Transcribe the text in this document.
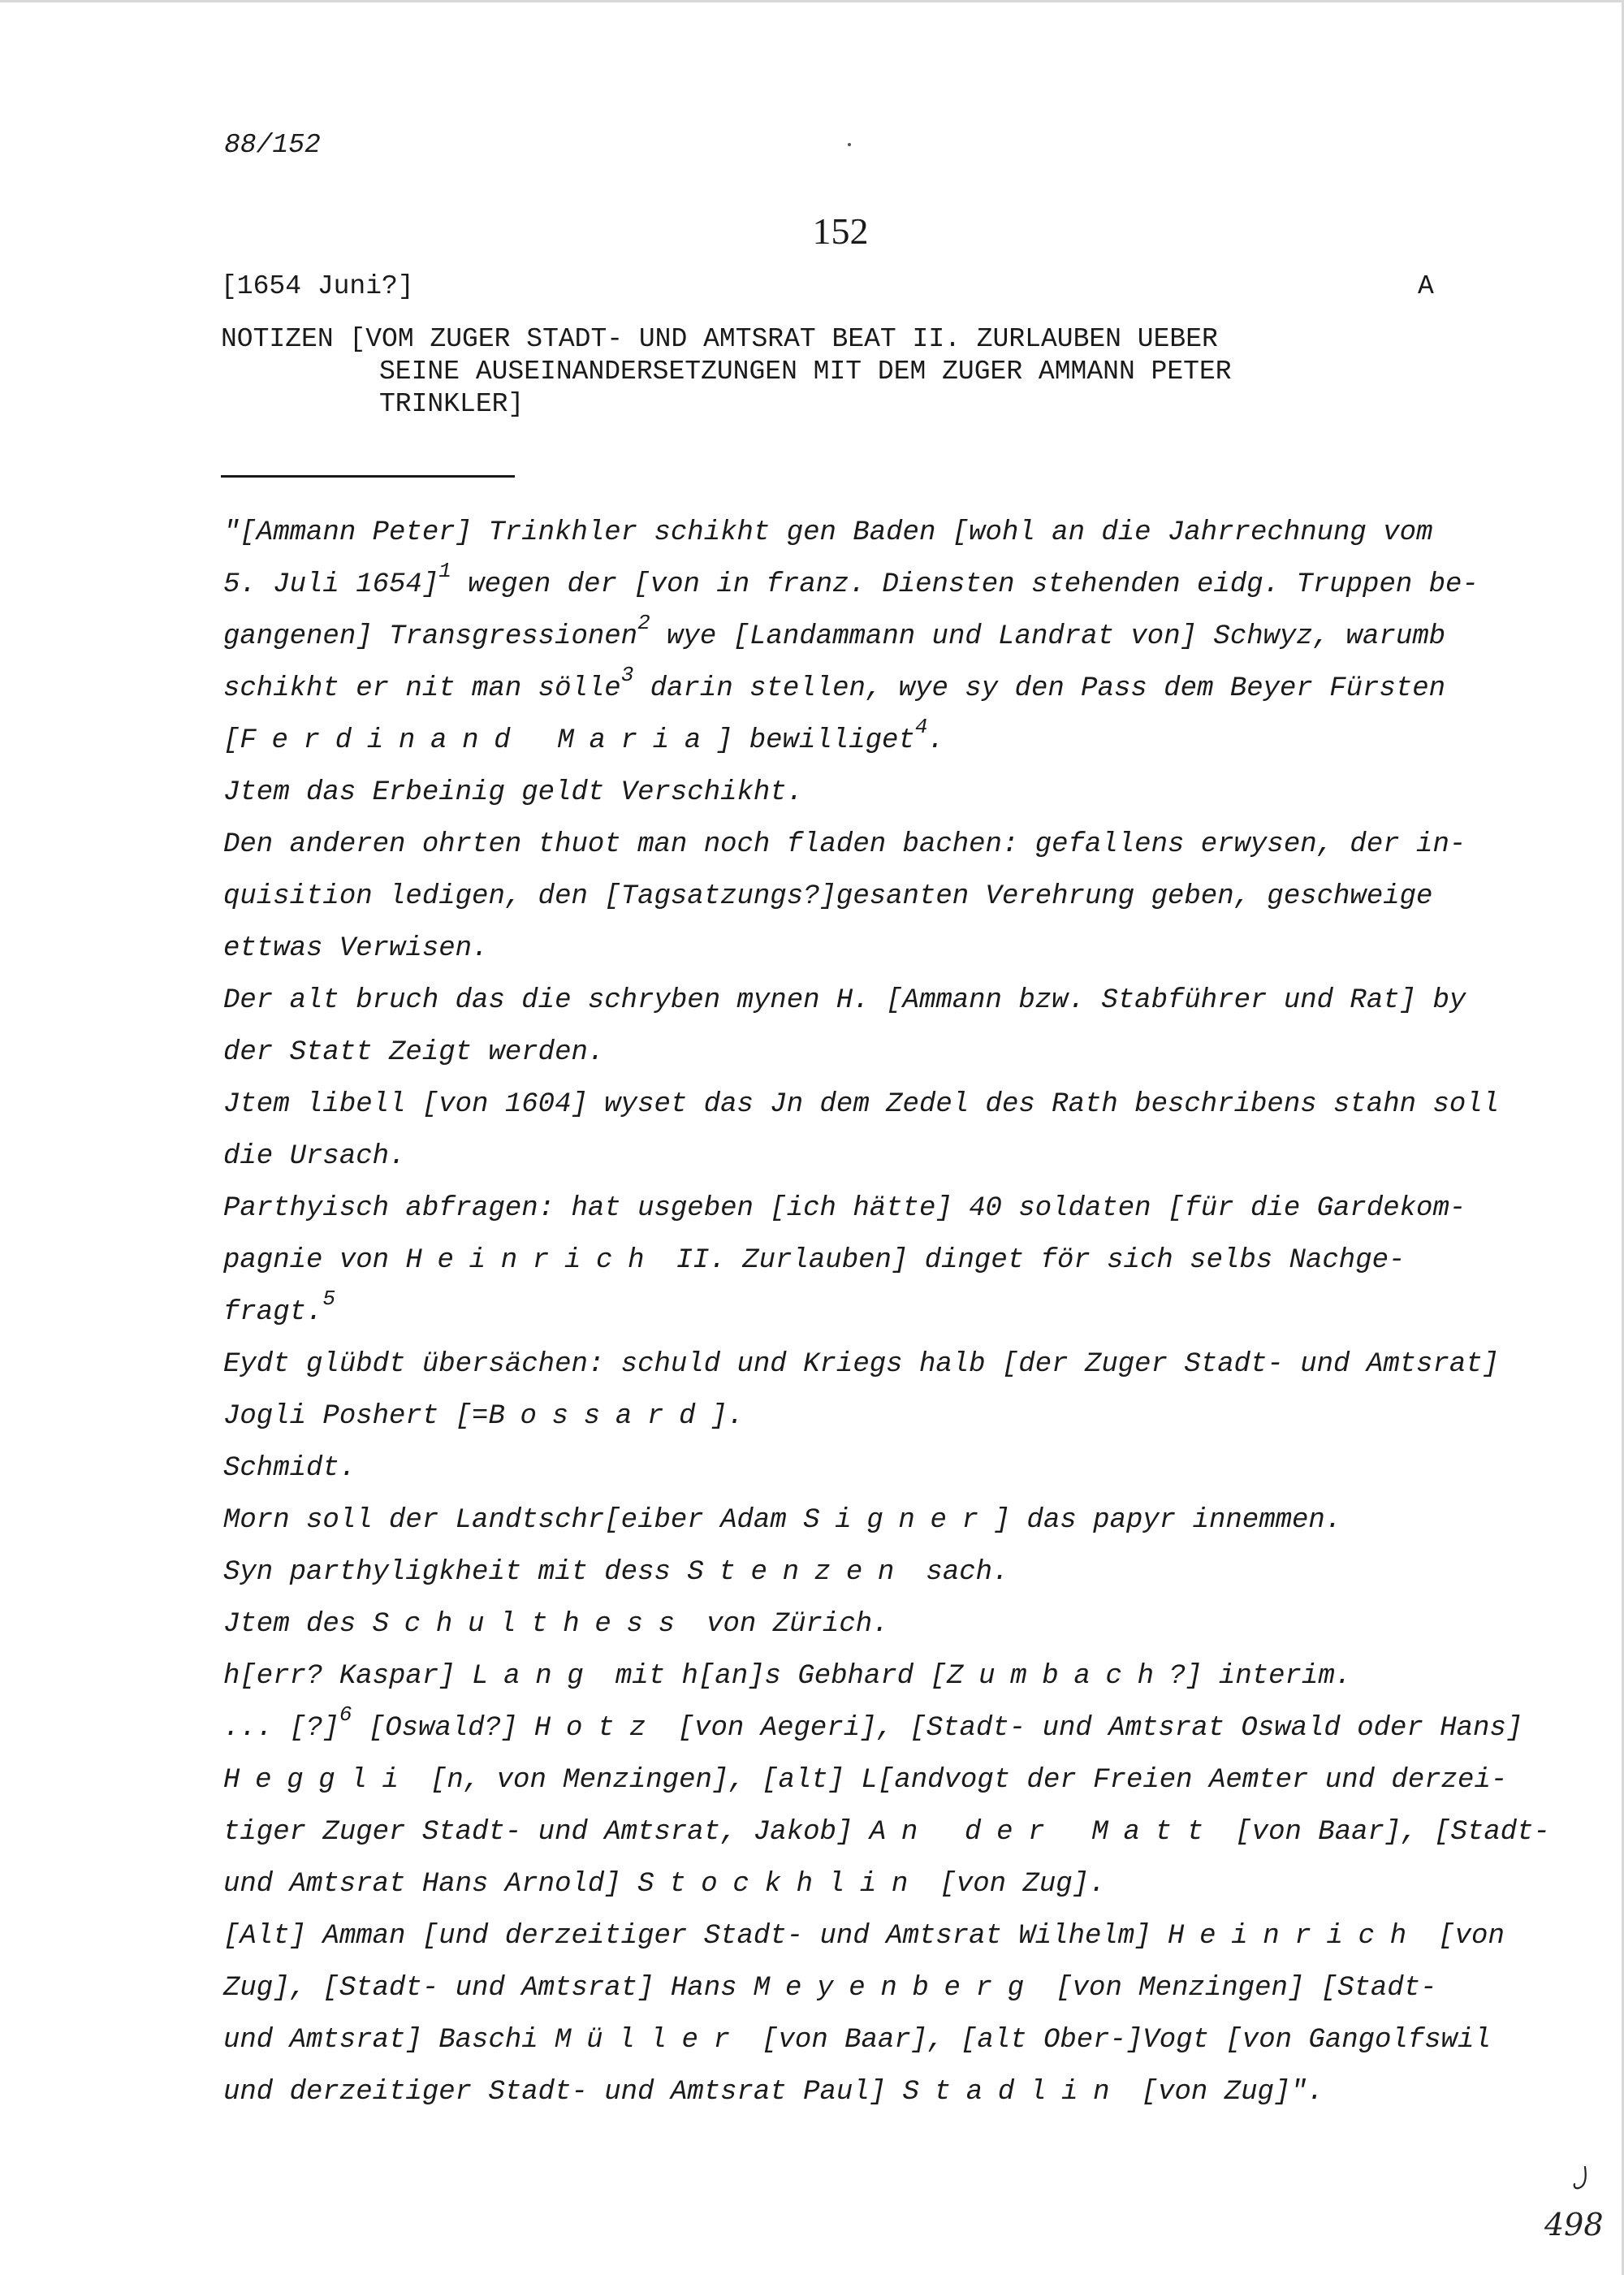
88/152
152
[1654 Juni?]	A
NOTIZEN [VOM ZUGER STADT- UND AMTSRAT BEAT II. ZURLAUBEN UEBER
SEINE AUSEINANDERSETZUNGEN MIT DEM ZUGER AMMANN PETER
TRINKLER]

"[Ammann Peter] Trinkhler schikht gen Baden [wohl an die Jahrrechnung vom

5. Juli 1654]$^1$ wegen der [von in franz. Diensten stehenden eidg. Truppen be-

gangenen] Transgressionen$^2$ wye [Landammann und Landrat von] Schwyz, warumb

schikht er nit man sölle$^3$ darin stellen, wye sy den Pass dem Beyer Fürsten

[Ferdinand Maria] bewilliget$^4$.

Jtem das Erbeinig geldt Verschikht.

Den anderen ohrten thuot man noch fladen bachen: gefallens erwysen, der in-

quisition ledigen, den [Tagsatzungs?]gesanten Verehrung geben, geschweige

ettwas Verwisen.

Der alt bruch das die schryben mynen H. [Ammann bzw. Stabführer und Rat] by

der Statt Zeigt werden.

Jtem libell [von 1604] wyset das Jn dem Zedel des Rath beschribens stahn soll

die Ursach.

Parthyisch abfragen: hat usgeben [ich hätte] 40 soldaten [für die Gardekom-

pagnie von Heinrich II. Zurlauben] dinget för sich selbs Nachge-

fragt.$^5$

Eydt glübdt übersächen: schuld und Kriegs halb [der Zuger Stadt- und Amtsrat]

Jogli Poshert [=Bossard].

Schmidt.

Morn soll der Landtschr[eiber Adam Signer] das papyr innemmen.

Syn parthyligkheit mit dess Stenzen sach.

Jtem des Schulthess von Zürich.

h[err? Kaspar] Lang mit h[an]s Gebhard [Zumbach?] interim.

... [?]$^6$ [Oswald?] Hotz [von Aegeri], [Stadt- und Amtsrat Oswald oder Hans]

Heggli [n, von Menzingen], [alt] L[andvogt der Freien Aemter und derzei-

tiger Zuger Stadt- und Amtsrat, Jakob] An der Matt [von Baar], [Stadt-

und Amtsrat Hans Arnold] Stockhlin [von Zug].

[Alt] Amman [und derzeitiger Stadt- und Amtsrat Wilhelm] Heinrich [von

Zug], [Stadt- und Amtsrat] Hans Meyenberg [von Menzingen] [Stadt-

und Amtsrat] Baschi Müller [von Baar], [alt Ober-]Vogt [von Gangolfswil

und derzeitiger Stadt- und Amtsrat Paul] Stadlin [von Zug]".

498
